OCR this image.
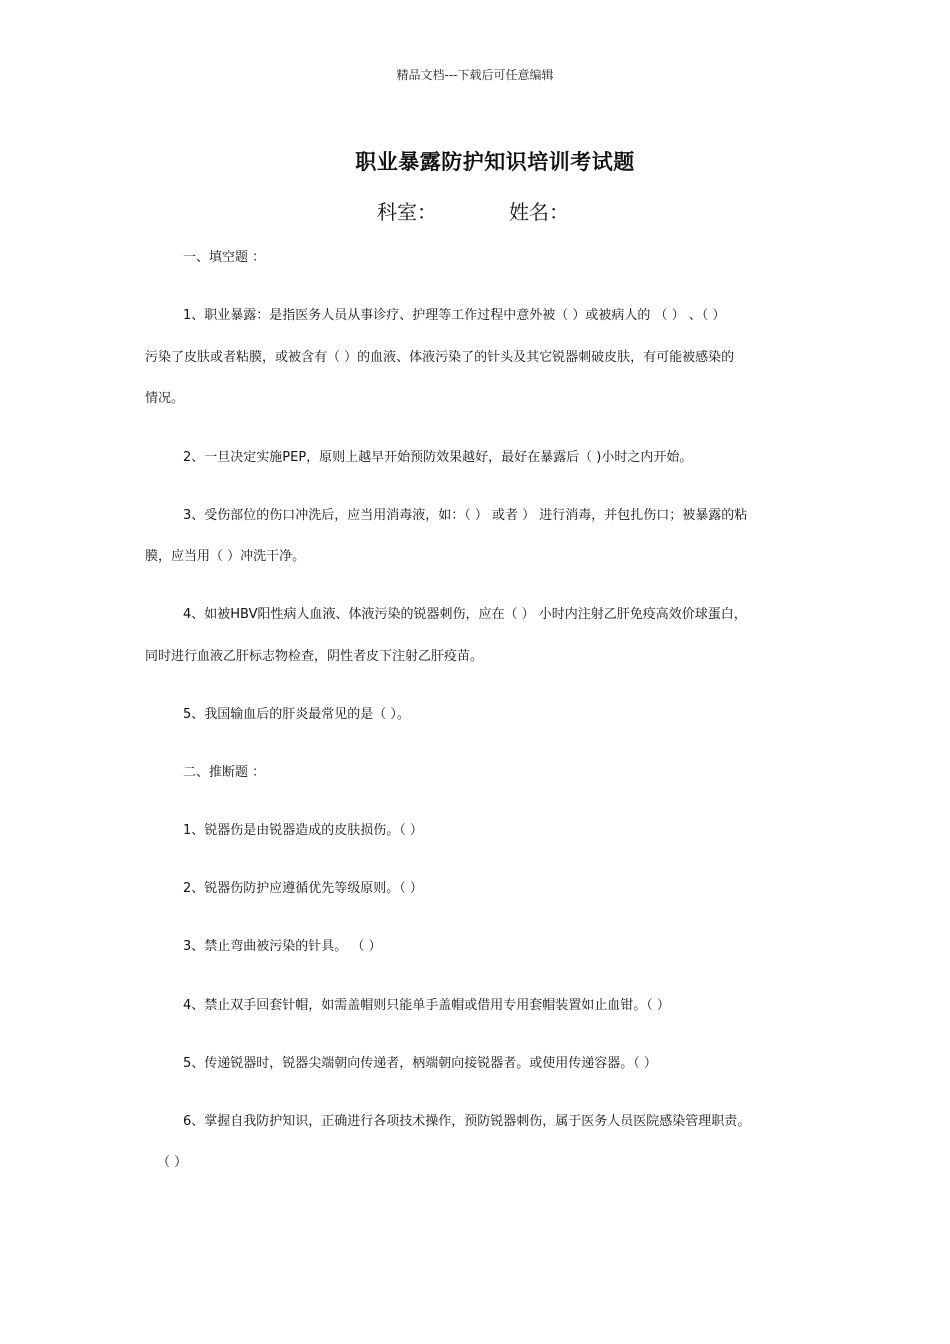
精品文档---下载后可任意编辑
职业暴露防护知识培训考试题
科室：	姓名：
一、填空题 ：
1、职业暴露：是指医务人员从事诊疗、护理等工作过程中意外被（ ）或被病人的 （ ） 、（ ）
污染了皮肤或者粘膜，或被含有（ ）的血液、体液污染了的针头及其它锐器刺破皮肤，有可能被感染的
情况。
2、一旦决定实施PEP，原则上越早开始预防效果越好，最好在暴露后（ )小时之内开始。
3、受伤部位的伤口冲洗后，应当用消毒液，如：（ ） 或者 ） 进行消毒，并包扎伤口；被暴露的粘
膜，应当用（ ）冲洗干净。
4、如被HBV阳性病人血液、体液污染的锐器刺伤，应在（ ） 小时内注射乙肝免疫高效价球蛋白，
同时进行血液乙肝标志物检查，阴性者皮下注射乙肝疫苗。
5、我国输血后的肝炎最常见的是（ ）。
二、推断题 ：
1、锐器伤是由锐器造成的皮肤损伤。（ ）
2、锐器伤防护应遵循优先等级原则。（ ）
3、禁止弯曲被污染的针具。 （ ）
4、禁止双手回套针帽，如需盖帽则只能单手盖帽或借用专用套帽装置如止血钳。（ ）
5、传递锐器时，锐器尖端朝向传递者，柄端朝向接锐器者。或使用传递容器。（ ）
6、掌握自我防护知识，正确进行各项技术操作，预防锐器刺伤，属于医务人员医院感染管理职责。
（ ）
